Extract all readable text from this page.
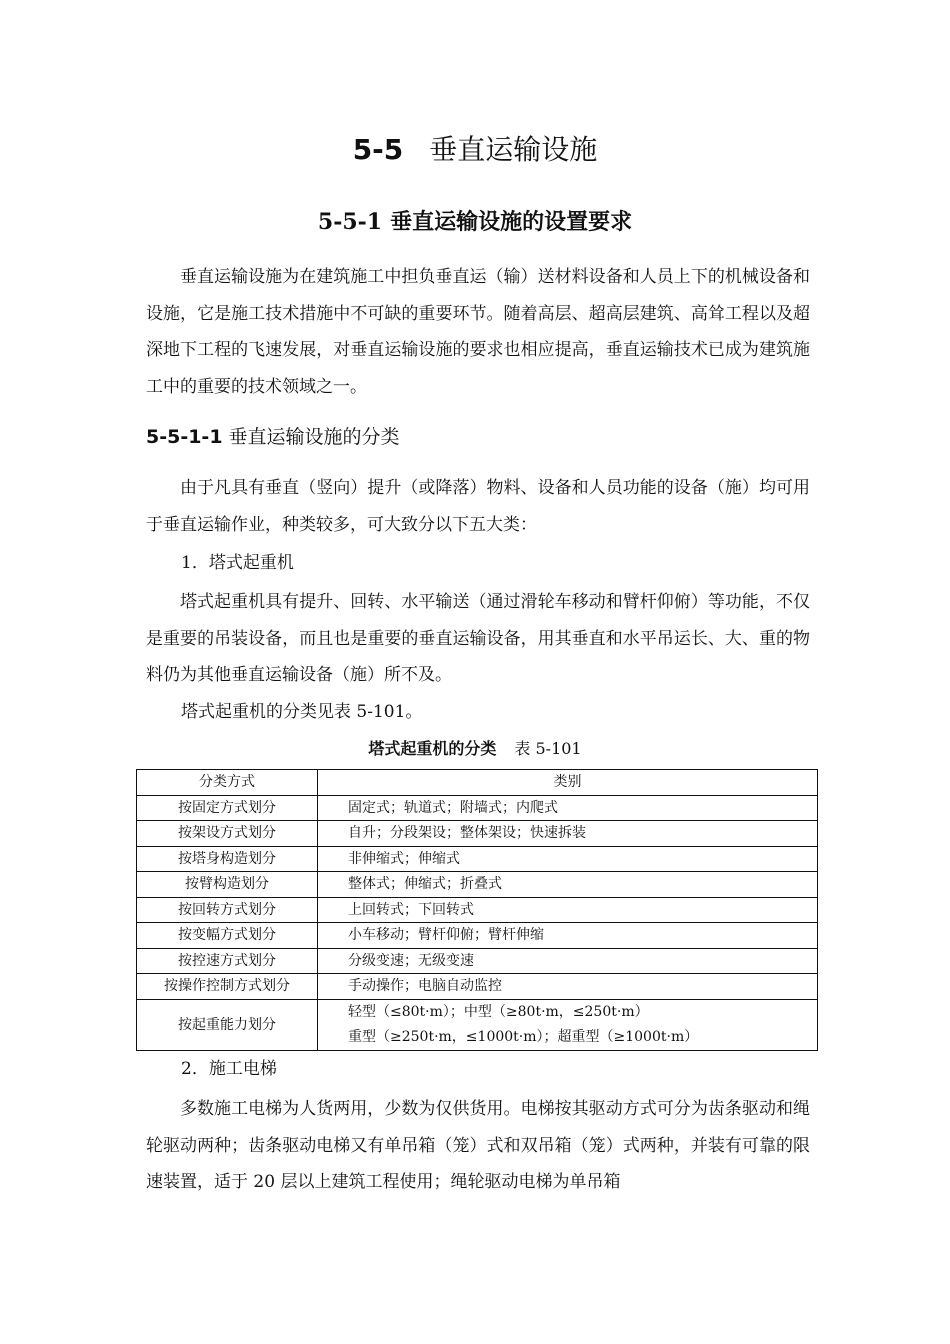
5-5 垂直运输设施
5-5-1 垂直运输设施的设置要求

垂直运输设施为在建筑施工中担负垂直运（输）送材料设备和人员上下的机械设备和设施，它是施工技术措施中不可缺的重要环节。随着高层、超高层建筑、高耸工程以及超深地下工程的飞速发展，对垂直运输设施的要求也相应提高，垂直运输技术已成为建筑施工中的重要的技术领域之一。

5-5-1-1 垂直运输设施的分类

由于凡具有垂直（竖向）提升（或降落）物料、设备和人员功能的设备（施）均可用于垂直运输作业，种类较多，可大致分以下五大类：

1．塔式起重机

塔式起重机具有提升、回转、水平输送（通过滑轮车移动和臂杆仰俯）等功能，不仅是重要的吊装设备，而且也是重要的垂直运输设备，用其垂直和水平吊运长、大、重的物料仍为其他垂直运输设备（施）所不及。

塔式起重机的分类见表 5-101。

塔式起重机的分类 表 5-101

分类方式	类别
按固定方式划分	固定式；轨道式；附墙式；内爬式
按架设方式划分	自升；分段架设；整体架设；快速拆装
按塔身构造划分	非伸缩式；伸缩式
按臂构造划分	整体式；伸缩式；折叠式
按回转方式划分	上回转式；下回转式
按变幅方式划分	小车移动；臂杆仰俯；臂杆伸缩
按控速方式划分	分级变速；无级变速
按操作控制方式划分	手动操作；电脑自动监控
按起重能力划分	轻型（≤80t·m）；中型（≥80t·m，≤250t·m）
重型（≥250t·m，≤1000t·m）；超重型（≥1000t·m）

2．施工电梯

多数施工电梯为人货两用，少数为仅供货用。电梯按其驱动方式可分为齿条驱动和绳轮驱动两种；齿条驱动电梯又有单吊箱（笼）式和双吊箱（笼）式两种，并装有可靠的限速装置，适于 20 层以上建筑工程使用；绳轮驱动电梯为单吊箱
